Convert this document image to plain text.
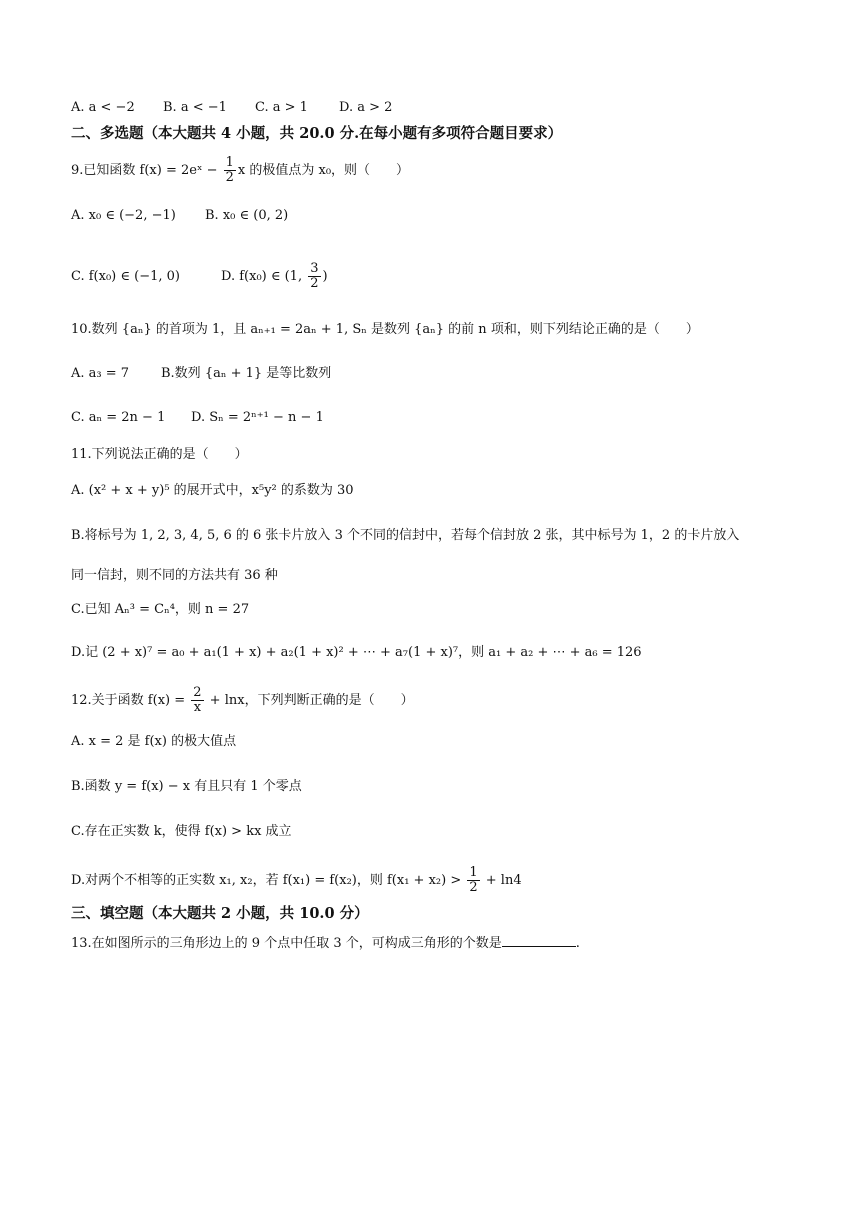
A. a < −2 B. a < −1 C. a > 1 D. a > 2
二、多选题（本大题共 4 小题，共 20.0 分.在每小题有多项符合题目要求）
9.已知函数 f(x) = 2eˣ − $\frac{1}{2}$ x 的极值点为 x₀，则（　　）
A. x₀ ∈ (−2, −1) B. x₀ ∈ (0, 2)
C. f(x₀) ∈ (−1, 0)	D. f(x₀) ∈ (1, $\frac{3}{2}$ )
10.数列 {aₙ} 的首项为 1，且 aₙ₊₁ = 2aₙ + 1, Sₙ 是数列 {aₙ} 的前 n 项和，则下列结论正确的是（　　）
A. a₃ = 7 B.数列 {aₙ + 1} 是等比数列
C. aₙ = 2n − 1 D. Sₙ = 2ⁿ⁺¹ − n − 1
11.下列说法正确的是（　　）
A. (x² + x + y)⁵ 的展开式中，x⁵y² 的系数为 30
B.将标号为 1, 2, 3, 4, 5, 6 的 6 张卡片放入 3 个不同的信封中，若每个信封放 2 张，其中标号为 1，2 的卡片放入
同一信封，则不同的方法共有 36 种
C.已知 Aₙ³ = Cₙ⁴，则 n = 27
D.记 (2 + x)⁷ = a₀ + a₁(1 + x) + a₂(1 + x)² + ⋯ + a₇(1 + x)⁷，则 a₁ + a₂ + ⋯ + a₆ = 126
12.关于函数 $f(x) = \frac{2}{x} + \ln x$，下列判断正确的是（　　）
A. x = 2 是 f(x) 的极大值点
B.函数 y = f(x) − x 有且只有 1 个零点
C.存在正实数 k，使得 f(x) > kx 成立
D.对两个不相等的正实数 x₁, x₂，若 f(x₁) = f(x₂)，则 $f(x_1 + x_2) > \frac{1}{2} + \ln 4$
三、填空题（本大题共 2 小题，共 10.0 分）
13.在如图所示的三角形边上的 9 个点中任取 3 个，可构成三角形的个数是	.
